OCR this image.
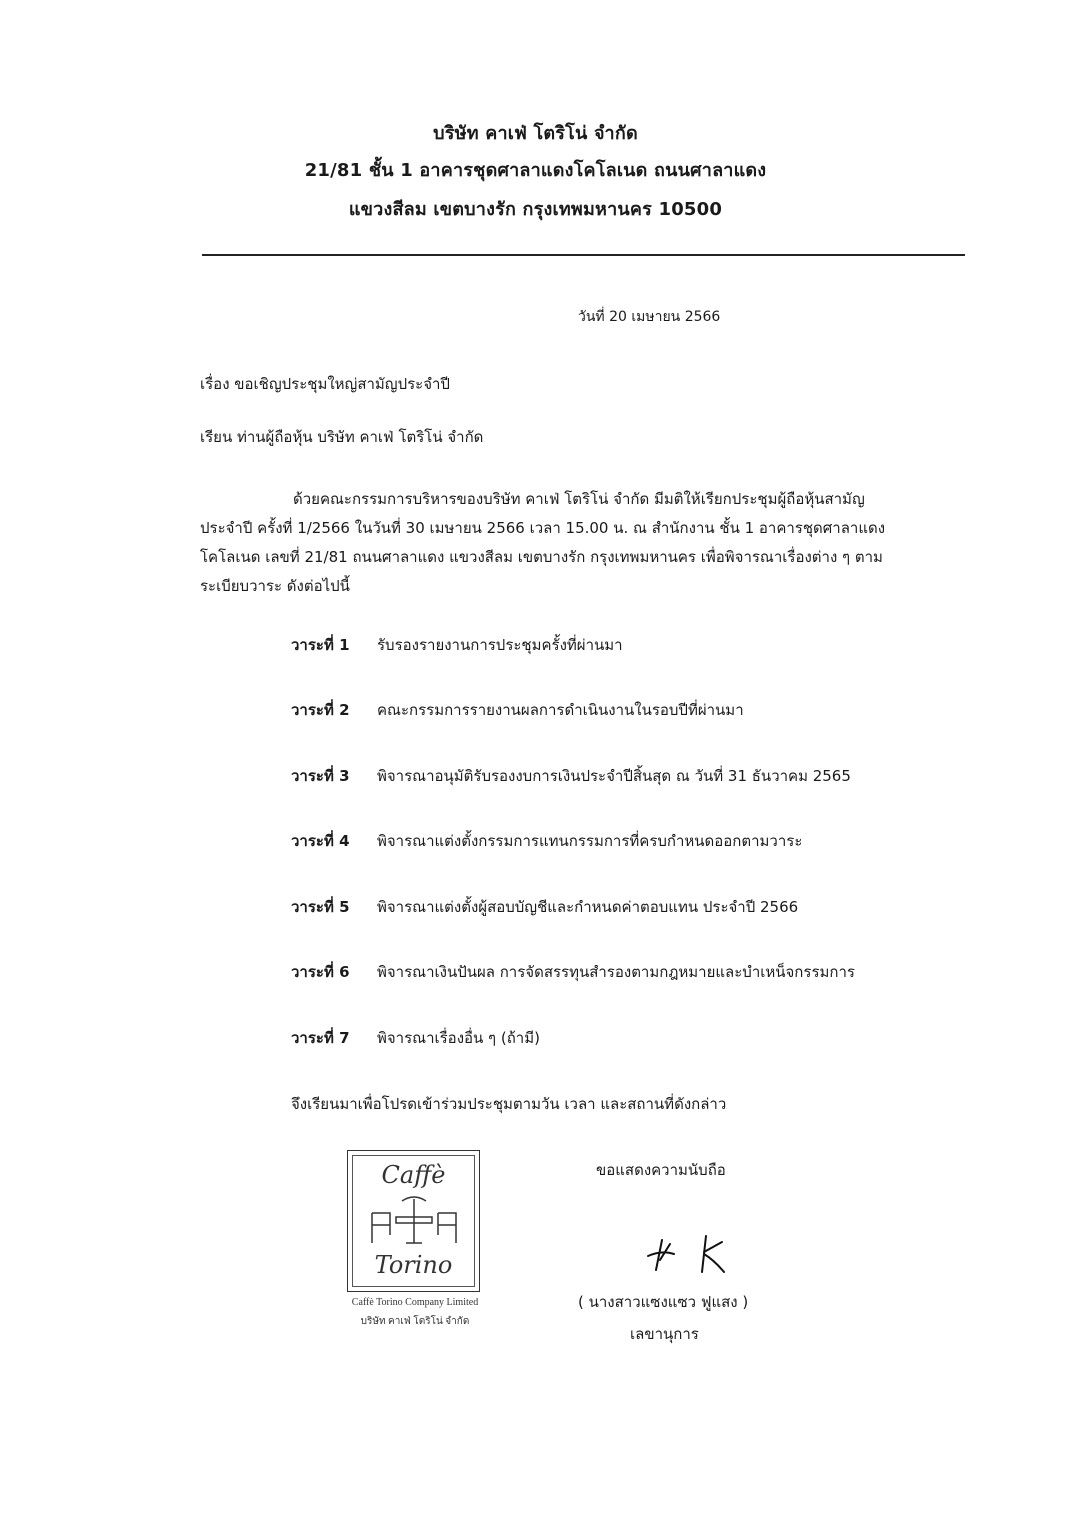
บริษัท คาเฟ่ โตริโน่ จำกัด
21/81 ชั้น 1 อาคารชุดศาลาแดงโคโลเนด ถนนศาลาแดง
แขวงสีลม เขตบางรัก กรุงเทพมหานคร 10500
วันที่ 20 เมษายน 2566
เรื่อง ขอเชิญประชุมใหญ่สามัญประจำปี
เรียน ท่านผู้ถือหุ้น บริษัท คาเฟ่ โตริโน่ จำกัด

ด้วยคณะกรรมการบริหารของบริษัท คาเฟ่ โตริโน่ จำกัด มีมติให้เรียกประชุมผู้ถือหุ้นสามัญ

ประจำปี ครั้งที่ 1/2566 ในวันที่ 30 เมษายน 2566 เวลา 15.00 น. ณ สำนักงาน ชั้น 1 อาคารชุดศาลาแดง

โคโลเนด เลขที่ 21/81 ถนนศาลาแดง แขวงสีลม เขตบางรัก กรุงเทพมหานคร เพื่อพิจารณาเรื่องต่าง ๆ ตาม

ระเบียบวาระ ดังต่อไปนี้

วาระที่ 1 รับรองรายงานการประชุมครั้งที่ผ่านมา
วาระที่ 2 คณะกรรมการรายงานผลการดำเนินงานในรอบปีที่ผ่านมา
วาระที่ 3 พิจารณาอนุมัติรับรองงบการเงินประจำปีสิ้นสุด ณ วันที่ 31 ธันวาคม 2565
วาระที่ 4 พิจารณาแต่งตั้งกรรมการแทนกรรมการที่ครบกำหนดออกตามวาระ
วาระที่ 5 พิจารณาแต่งตั้งผู้สอบบัญชีและกำหนดค่าตอบแทน ประจำปี 2566
วาระที่ 6 พิจารณาเงินปันผล การจัดสรรทุนสำรองตามกฎหมายและบำเหน็จกรรมการ
วาระที่ 7 พิจารณาเรื่องอื่น ๆ (ถ้ามี)
จึงเรียนมาเพื่อโปรดเข้าร่วมประชุมตามวัน เวลา และสถานที่ดังกล่าว
Caffè
Torino
Caffè Torino Company Limited
บริษัท คาเฟ่ โตริโน่ จำกัด
ขอแสดงความนับถือ
( นางสาวแซงแซว ฟูแสง )
เลขานุการ
